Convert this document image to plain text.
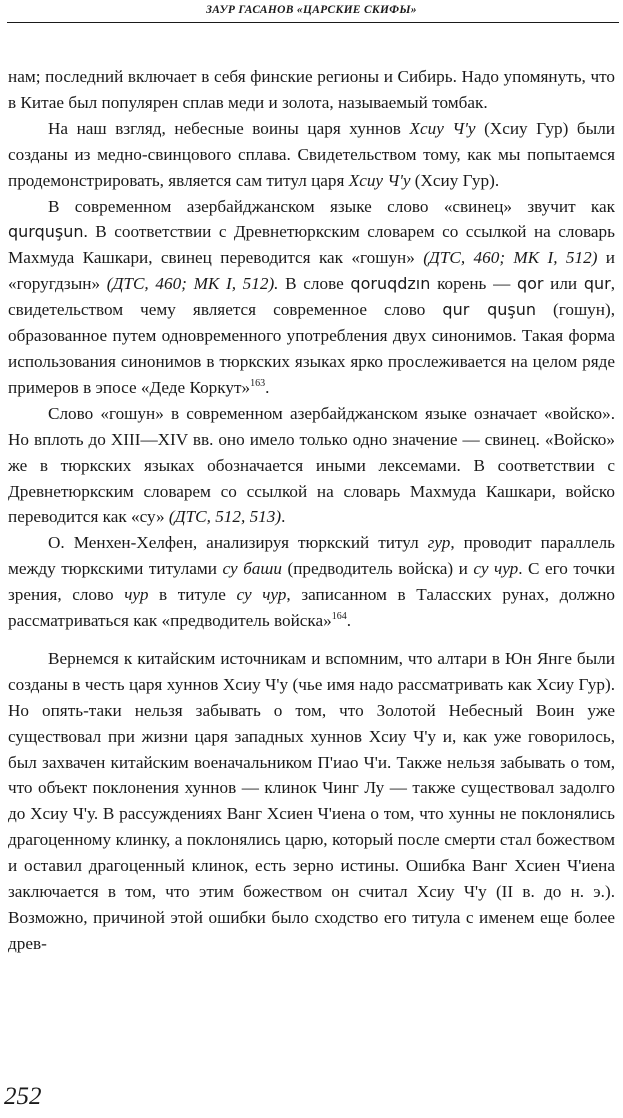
ЗАУР ГАСАНОВ «ЦАРСКИЕ СКИФЫ»

нам; последний включает в себя финские регионы и Сибирь. Надо упомянуть, что в Китае был популярен сплав меди и золота, называемый томбак.

На наш взгляд, небесные воины царя хуннов Хсиу Ч'у (Хсиу Гур) были созданы из медно-свинцового сплава. Свидетельством тому, как мы попытаемся продемонстрировать, является сам титул царя Хсиу Ч'у (Хсиу Гур).

В современном азербайджанском языке слово «свинец» звучит как qurquşun. В соответствии с Древнетюркским словарем со ссылкой на словарь Махмуда Кашкари, свинец переводится как «гошун» (ДТС, 460; МК I, 512) и «горугдзын» (ДТС, 460; МК I, 512). В слове qoruqdzın корень — qor или qur, свидетельством чему является современное слово qur quşun (гошун), образованное путем одновременного употребления двух синонимов. Такая форма использования синонимов в тюркских языках ярко прослеживается на целом ряде примеров в эпосе «Деде Коркут»$^{163}$.

Слово «гошун» в современном азербайджанском языке означает «войско». Но вплоть до XIII—XIV вв. оно имело только одно значение — свинец. «Войско» же в тюркских языках обозначается иными лексемами. В соответствии с Древнетюркским словарем со ссылкой на словарь Махмуда Кашкари, войско переводится как «су» (ДТС, 512, 513).

О. Менхен-Хелфен, анализируя тюркский титул гур, проводит параллель между тюркскими титулами су баши (предводитель войска) и су чур. С его точки зрения, слово чур в титуле су чур, записанном в Таласских рунах, должно рассматриваться как «предводитель войска»$^{164}$.

Вернемся к китайским источникам и вспомним, что алтари в Юн Янге были созданы в честь царя хуннов Хсиу Ч'у (чье имя надо рассматривать как Хсиу Гур). Но опять-таки нельзя забывать о том, что Золотой Небесный Воин уже существовал при жизни царя западных хуннов Хсиу Ч'у и, как уже говорилось, был захвачен китайским военачальником П'иао Ч'и. Также нельзя забывать о том, что объект поклонения хуннов — клинок Чинг Лу — также существовал задолго до Хсиу Ч'у. В рассуждениях Ванг Хсиен Ч'иена о том, что хунны не поклонялись драгоценному клинку, а поклонялись царю, который после смерти стал божеством и оставил драгоценный клинок, есть зерно истины. Ошибка Ванг Хсиен Ч'иена заключается в том, что этим божеством он считал Хсиу Ч'у (II в. до н. э.). Возможно, причиной этой ошибки было сходство его титула с именем еще более древ-

252
